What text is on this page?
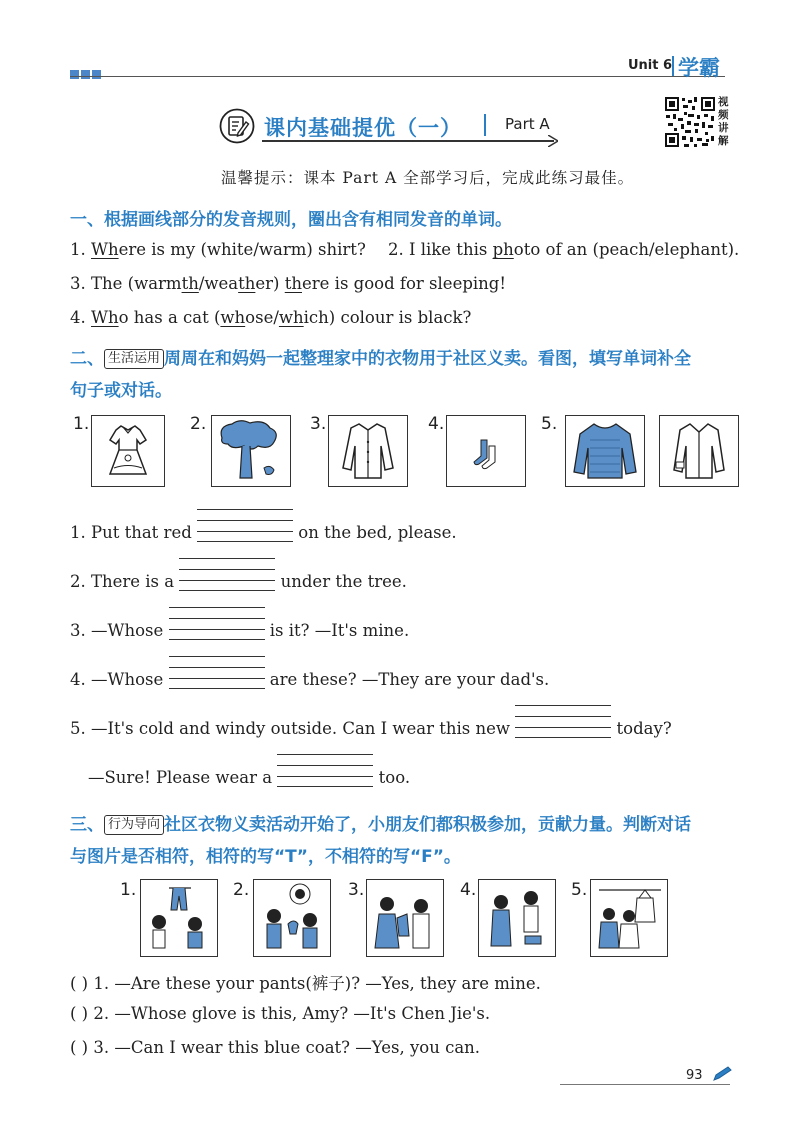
Unit 6 学霸
视频讲解
课内基础提优（一）	Part A
温馨提示：课本 Part A 全部学习后，完成此练习最佳。
一、根据画线部分的发音规则，圈出含有相同发音的单词。
1. Where is my (white/warm) shirt? 2. I like this photo of an (peach/elephant).
3. The (warmth/weather) there is good for sleeping!
4. Who has a cat (whose/which) colour is black?
二、 生活运用 周周在和妈妈一起整理家中的衣物用于社区义卖。看图，填写单词补全
句子或对话。
1.	2.	3.	4.	5.
1. Put that red	on the bed, please.
2. There is a	under the tree.
3. —Whose	is it? —It's mine.
4. —Whose	are these? —They are your dad's.
5. —It's cold and windy outside. Can I wear this new	today?
—Sure! Please wear a	too.
三、 行为导向 社区衣物义卖活动开始了，小朋友们都积极参加，贡献力量。判断对话
与图片是否相符，相符的写“T”，不相符的写“F”。
1.	2.	3.	4.	5.
( ) 1. —Are these your pants(裤子)? —Yes, they are mine.
( ) 2. —Whose glove is this, Amy? —It's Chen Jie's.
( ) 3. —Can I wear this blue coat? —Yes, you can.
93
